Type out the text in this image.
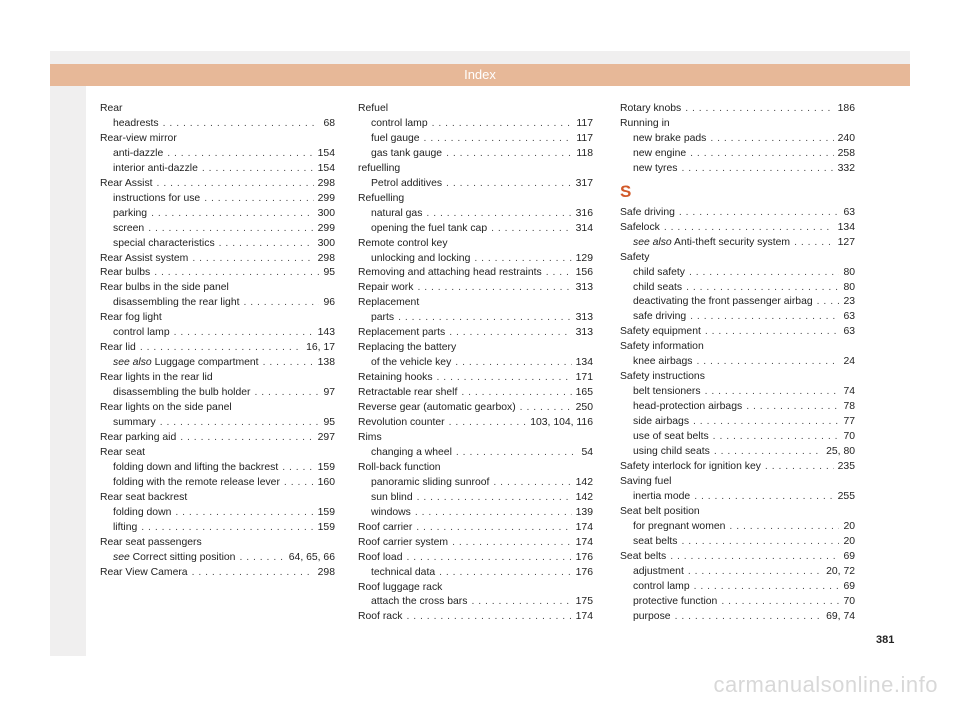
Index
Rear
headrests . . .	68
Rear-view mirror
anti-dazzle . . .	154
interior anti-dazzle . . .	154
Rear Assist . . .	298
instructions for use . . .	299
parking . . .	300
screen . . .	299
special characteristics . . .	300
Rear Assist system . . .	298
Rear bulbs . . .	95
Rear bulbs in the side panel
disassembling the rear light . . .	96
Rear fog light
control lamp . . .	143
Rear lid . . .	16, 17
see also Luggage compartment . . .	138
Rear lights in the rear lid
disassembling the bulb holder . . .	97
Rear lights on the side panel
summary . . .	95
Rear parking aid . . .	297
Rear seat
folding down and lifting the backrest . . .	159
folding with the remote release lever . . .	160
Rear seat backrest
folding down . . .	159
lifting . . .	159
Rear seat passengers
see Correct sitting position . . .	64, 65, 66
Rear View Camera . . .	298
Refuel
control lamp . . .	117
fuel gauge . . .	117
gas tank gauge . . .	118
refuelling
Petrol additives . . .	317
Refuelling
natural gas . . .	316
opening the fuel tank cap . . .	314
Remote control key
unlocking and locking . . .	129
Removing and attaching head restraints . . .	156
Repair work . . .	313
Replacement
parts . . .	313
Replacement parts . . .	313
Replacing the battery
of the vehicle key . . .	134
Retaining hooks . . .	171
Retractable rear shelf . . .	165
Reverse gear (automatic gearbox) . . .	250
Revolution counter . . .	103, 104, 116
Rims
changing a wheel . . .	54
Roll-back function
panoramic sliding sunroof . . .	142
sun blind . . .	142
windows . . .	139
Roof carrier . . .	174
Roof carrier system . . .	174
Roof load . . .	176
technical data . . .	176
Roof luggage rack
attach the cross bars . . .	175
Roof rack . . .	174
Rotary knobs . . .	186
Running in
new brake pads . . .	240
new engine . . .	258
new tyres . . .	332
S
Safe driving . . .	63
Safelock . . .	134
see also Anti-theft security system . . .	127
Safety
child safety . . .	80
child seats . . .	80
deactivating the front passenger airbag . . .	23
safe driving . . .	63
Safety equipment . . .	63
Safety information
knee airbags . . .	24
Safety instructions
belt tensioners . . .	74
head-protection airbags . . .	78
side airbags . . .	77
use of seat belts . . .	70
using child seats . . .	25, 80
Safety interlock for ignition key . . .	235
Saving fuel
inertia mode . . .	255
Seat belt position
for pregnant women . . .	20
seat belts . . .	20
Seat belts . . .	69
adjustment . . .	20, 72
control lamp . . .	69
protective function . . .	70
purpose . . .	69, 74
381
carmanualsonline.info
